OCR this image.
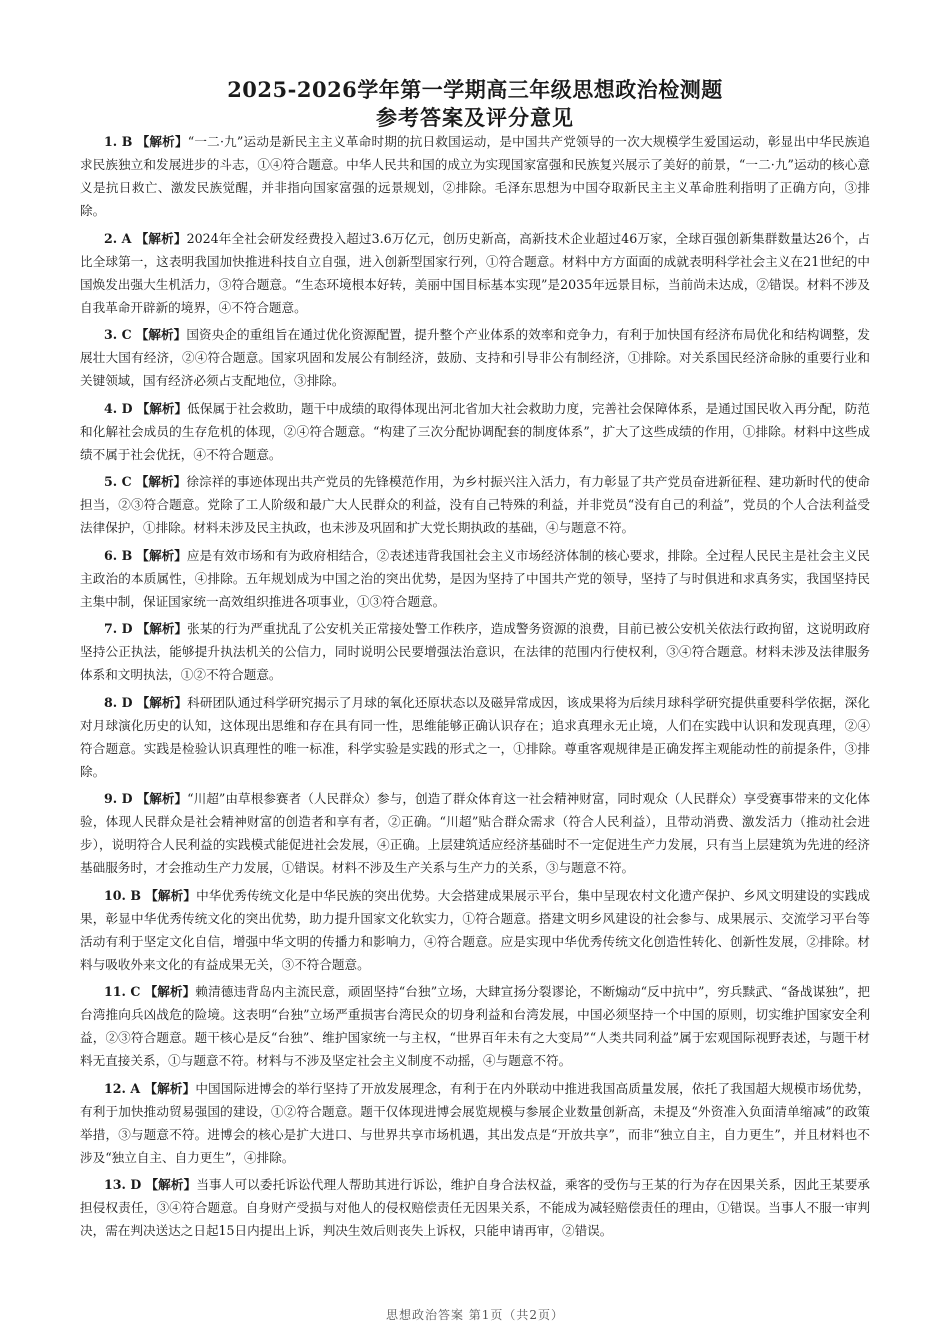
2025-2026学年第一学期高三年级思想政治检测题
参考答案及评分意见

1. B 【解析】“一二·九”运动是新民主主义革命时期的抗日救国运动，是中国共产党领导的一次大规模学生爱国运动，彰显出中华民族追求民族独立和发展进步的斗志，①④符合题意。中华人民共和国的成立为实现国家富强和民族复兴展示了美好的前景，“一二·九”运动的核心意义是抗日救亡、激发民族觉醒，并非指向国家富强的远景规划，②排除。毛泽东思想为中国夺取新民主主义革命胜利指明了正确方向，③排除。

2. A 【解析】2024年全社会研发经费投入超过3.6万亿元，创历史新高，高新技术企业超过46万家，全球百强创新集群数量达26个，占比全球第一，这表明我国加快推进科技自立自强，进入创新型国家行列，①符合题意。材料中方方面面的成就表明科学社会主义在21世纪的中国焕发出强大生机活力，③符合题意。“生态环境根本好转，美丽中国目标基本实现”是2035年远景目标，当前尚未达成，②错误。材料不涉及自我革命开辟新的境界，④不符合题意。

3. C 【解析】国资央企的重组旨在通过优化资源配置，提升整个产业体系的效率和竞争力，有利于加快国有经济布局优化和结构调整，发展壮大国有经济，②④符合题意。国家巩固和发展公有制经济，鼓励、支持和引导非公有制经济，①排除。对关系国民经济命脉的重要行业和关键领域，国有经济必须占支配地位，③排除。

4. D 【解析】低保属于社会救助，题干中成绩的取得体现出河北省加大社会救助力度，完善社会保障体系，是通过国民收入再分配，防范和化解社会成员的生存危机的体现，②④符合题意。“构建了三次分配协调配套的制度体系”，扩大了这些成绩的作用，①排除。材料中这些成绩不属于社会优抚，④不符合题意。

5. C 【解析】徐淙祥的事迹体现出共产党员的先锋模范作用，为乡村振兴注入活力，有力彰显了共产党员奋进新征程、建功新时代的使命担当，②③符合题意。党除了工人阶级和最广大人民群众的利益，没有自己特殊的利益，并非党员“没有自己的利益”，党员的个人合法利益受法律保护，①排除。材料未涉及民主执政，也未涉及巩固和扩大党长期执政的基础，④与题意不符。

6. B 【解析】应是有效市场和有为政府相结合，②表述违背我国社会主义市场经济体制的核心要求，排除。全过程人民民主是社会主义民主政治的本质属性，④排除。五年规划成为中国之治的突出优势，是因为坚持了中国共产党的领导，坚持了与时俱进和求真务实，我国坚持民主集中制，保证国家统一高效组织推进各项事业，①③符合题意。

7. D 【解析】张某的行为严重扰乱了公安机关正常接处警工作秩序，造成警务资源的浪费，目前已被公安机关依法行政拘留，这说明政府坚持公正执法，能够提升执法机关的公信力，同时说明公民要增强法治意识，在法律的范围内行使权利，③④符合题意。材料未涉及法律服务体系和文明执法，①②不符合题意。

8. D 【解析】科研团队通过科学研究揭示了月球的氧化还原状态以及磁异常成因，该成果将为后续月球科学研究提供重要科学依据，深化对月球演化历史的认知，这体现出思维和存在具有同一性，思维能够正确认识存在；追求真理永无止境，人们在实践中认识和发现真理，②④符合题意。实践是检验认识真理性的唯一标准，科学实验是实践的形式之一，①排除。尊重客观规律是正确发挥主观能动性的前提条件，③排除。

9. D 【解析】“川超”由草根参赛者（人民群众）参与，创造了群众体育这一社会精神财富，同时观众（人民群众）享受赛事带来的文化体验，体现人民群众是社会精神财富的创造者和享有者，②正确。“川超”贴合群众需求（符合人民利益），且带动消费、激发活力（推动社会进步），说明符合人民利益的实践模式能促进社会发展，④正确。上层建筑适应经济基础时不一定促进生产力发展，只有当上层建筑为先进的经济基础服务时，才会推动生产力发展，①错误。材料不涉及生产关系与生产力的关系，③与题意不符。

10. B 【解析】中华优秀传统文化是中华民族的突出优势。大会搭建成果展示平台，集中呈现农村文化遗产保护、乡风文明建设的实践成果，彰显中华优秀传统文化的突出优势，助力提升国家文化软实力，①符合题意。搭建文明乡风建设的社会参与、成果展示、交流学习平台等活动有利于坚定文化自信，增强中华文明的传播力和影响力，④符合题意。应是实现中华优秀传统文化创造性转化、创新性发展，②排除。材料与吸收外来文化的有益成果无关，③不符合题意。

11. C 【解析】赖清德违背岛内主流民意，顽固坚持“台独”立场，大肆宣扬分裂谬论，不断煽动“反中抗中”，穷兵黩武、“备战谋独”，把台湾推向兵凶战危的险境。这表明“台独”立场严重损害台湾民众的切身利益和台湾发展，中国必须坚持一个中国的原则，切实维护国家安全利益，②③符合题意。题干核心是反“台独”、维护国家统一与主权，“世界百年未有之大变局”“人类共同利益”属于宏观国际视野表述，与题干材料无直接关系，①与题意不符。材料与不涉及坚定社会主义制度不动摇，④与题意不符。

12. A 【解析】中国国际进博会的举行坚持了开放发展理念，有利于在内外联动中推进我国高质量发展，依托了我国超大规模市场优势，有利于加快推动贸易强国的建设，①②符合题意。题干仅体现进博会展览规模与参展企业数量创新高，未提及“外资准入负面清单缩减”的政策举措，③与题意不符。进博会的核心是扩大进口、与世界共享市场机遇，其出发点是“开放共享”，而非“独立自主，自力更生”，并且材料也不涉及“独立自主、自力更生”，④排除。

13. D 【解析】当事人可以委托诉讼代理人帮助其进行诉讼，维护自身合法权益，乘客的受伤与王某的行为存在因果关系，因此王某要承担侵权责任，③④符合题意。自身财产受损与对他人的侵权赔偿责任无因果关系，不能成为减轻赔偿责任的理由，①错误。当事人不服一审判决，需在判决送达之日起15日内提出上诉，判决生效后则丧失上诉权，只能申请再审，②错误。

思想政治答案 第1页（共2页）
